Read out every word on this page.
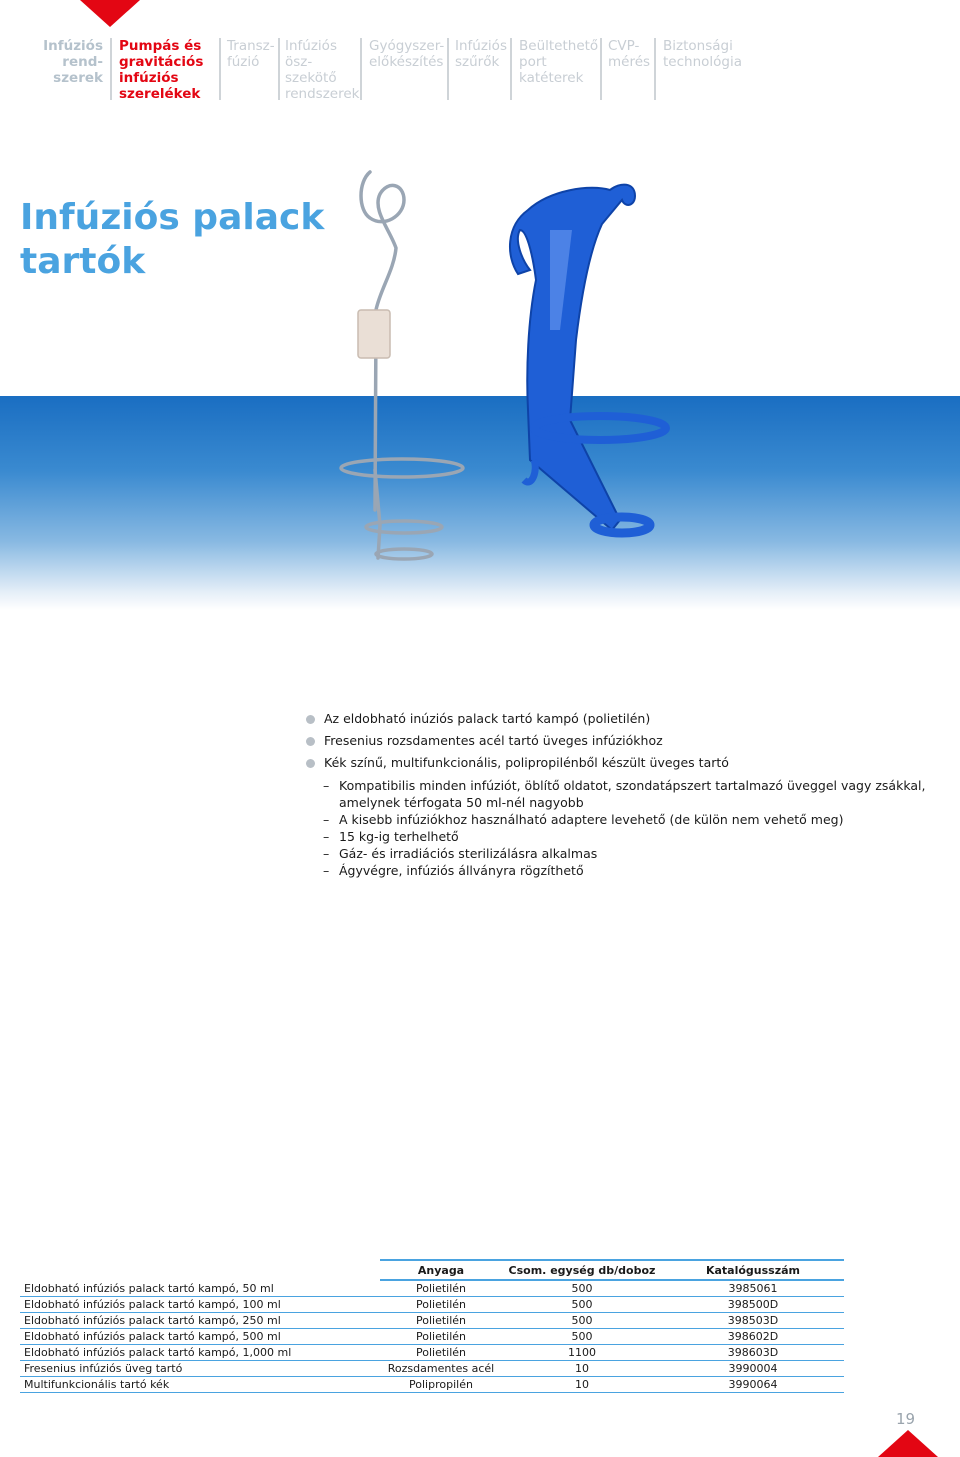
Infúziós rend-
szerek
Pumpás és
gravitációs
infúziós
szerelékek
Transz-
fúzió
Infúziós ösz-
szekötő
rendszerek
Gyógyszer-
előkészítés
Infúziós
szűrők
Beültethető
port
katéterek
CVP-
mérés
Biztonsági
technológia
Infúziós palack
tartók
Az eldobható inúziós palack tartó kampó (polietilén)
Fresenius rozsdamentes acél tartó üveges infúziókhoz
Kék színű, multifunkcionális, polipropilénből készült üveges tartó
– Kompatibilis minden infúziót, öblítő oldatot, szondatápszert tartalmazó üveggel vagy zsákkal, amelynek térfogata 50 ml-nél nagyobb
– A kisebb infúziókhoz használható adaptere levehető (de külön nem vehető meg)
– 15 kg-ig terhelhető
– Gáz- és irradiációs sterilizálásra alkalmas
– Ágyvégre, infúziós állványra rögzíthető
	Anyaga	Csom. egység db/doboz	Katalógusszám
Eldobható infúziós palack tartó kampó, 50 ml	Polietilén	500	3985061
Eldobható infúziós palack tartó kampó, 100 ml	Polietilén	500	398500D
Eldobható infúziós palack tartó kampó, 250 ml	Polietilén	500	398503D
Eldobható infúziós palack tartó kampó, 500 ml	Polietilén	500	398602D
Eldobható infúziós palack tartó kampó, 1,000 ml	Polietilén	1100	398603D
Fresenius infúziós üveg tartó	Rozsdamentes acél	10	3990004
Multifunkcionális tartó kék	Polipropilén	10	3990064
19
